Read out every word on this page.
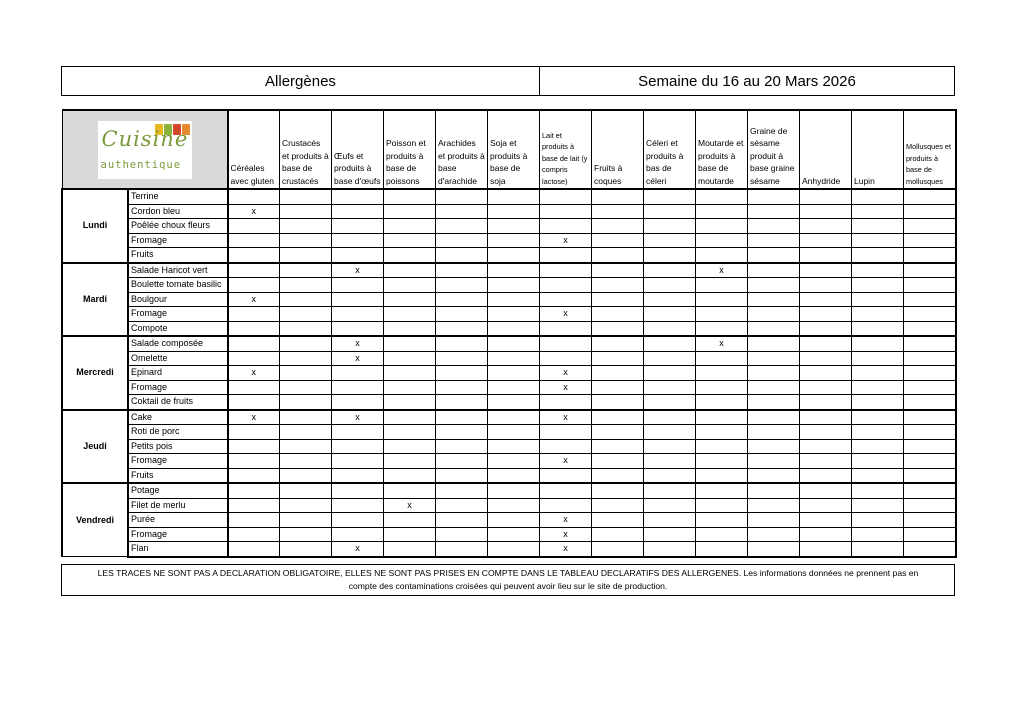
Allergènes	Semaine du 16 au 20 Mars 2026
Cuisine
authentique		Céréales avec gluten	Crustacés et produits à base de crustacés	Œufs et produits à base d'œufs	Poisson et produits à base de poissons	Arachides et produits à base d'arachide	Soja et produits à base de soja	Lait et produits à base de lait (y compris lactose)	Fruits à coques	Céleri et produits à bas de céleri	Moutarde et produits à base de moutarde	Graine de sésame produit à base graine sésame	Anhydride	Lupin	Mollusques et produits à base de mollusques
Lundi	Terrine														
	Cordon bleu	x													
	Poêlée choux fleurs														
	Fromage							x							
	Fruits														
Mardi	Salade Haricot vert			x							x				
	Boulette tomate basilic														
	Boulgour	x													
	Fromage							x							
	Compote														
Mercredi	Salade composée			x							x				
	Omelette			x											
	Epinard	x						x							
	Fromage							x							
	Coktail de fruits														
Jeudi	Cake	x		x				x							
	Roti de porc														
	Petits pois														
	Fromage							x							
	Fruits														
Vendredi	Potage														
	Filet de merlu				x										
	Purée							x							
	Fromage							x							
	Flan			x				x							
LES TRACES NE SONT PAS A DECLARATION OBLIGATOIRE, ELLES NE SONT PAS PRISES EN COMPTE DANS LE TABLEAU DECLARATIFS DES ALLERGENES. Les informations données ne prennent pas en
compte des contaminations croisées qui peuvent avoir lieu sur le site de production.
